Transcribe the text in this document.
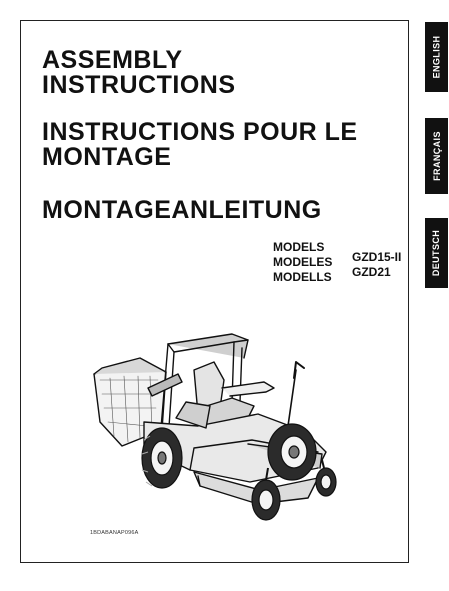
ASSEMBLY
INSTRUCTIONS
INSTRUCTIONS POUR LE
MONTAGE
MONTAGEANLEITUNG
ENGLISH
FRANÇAIS
DEUTSCH
MODELS
MODELES
MODELLS
GZD15-II
GZD21
1BDABANAP096A
